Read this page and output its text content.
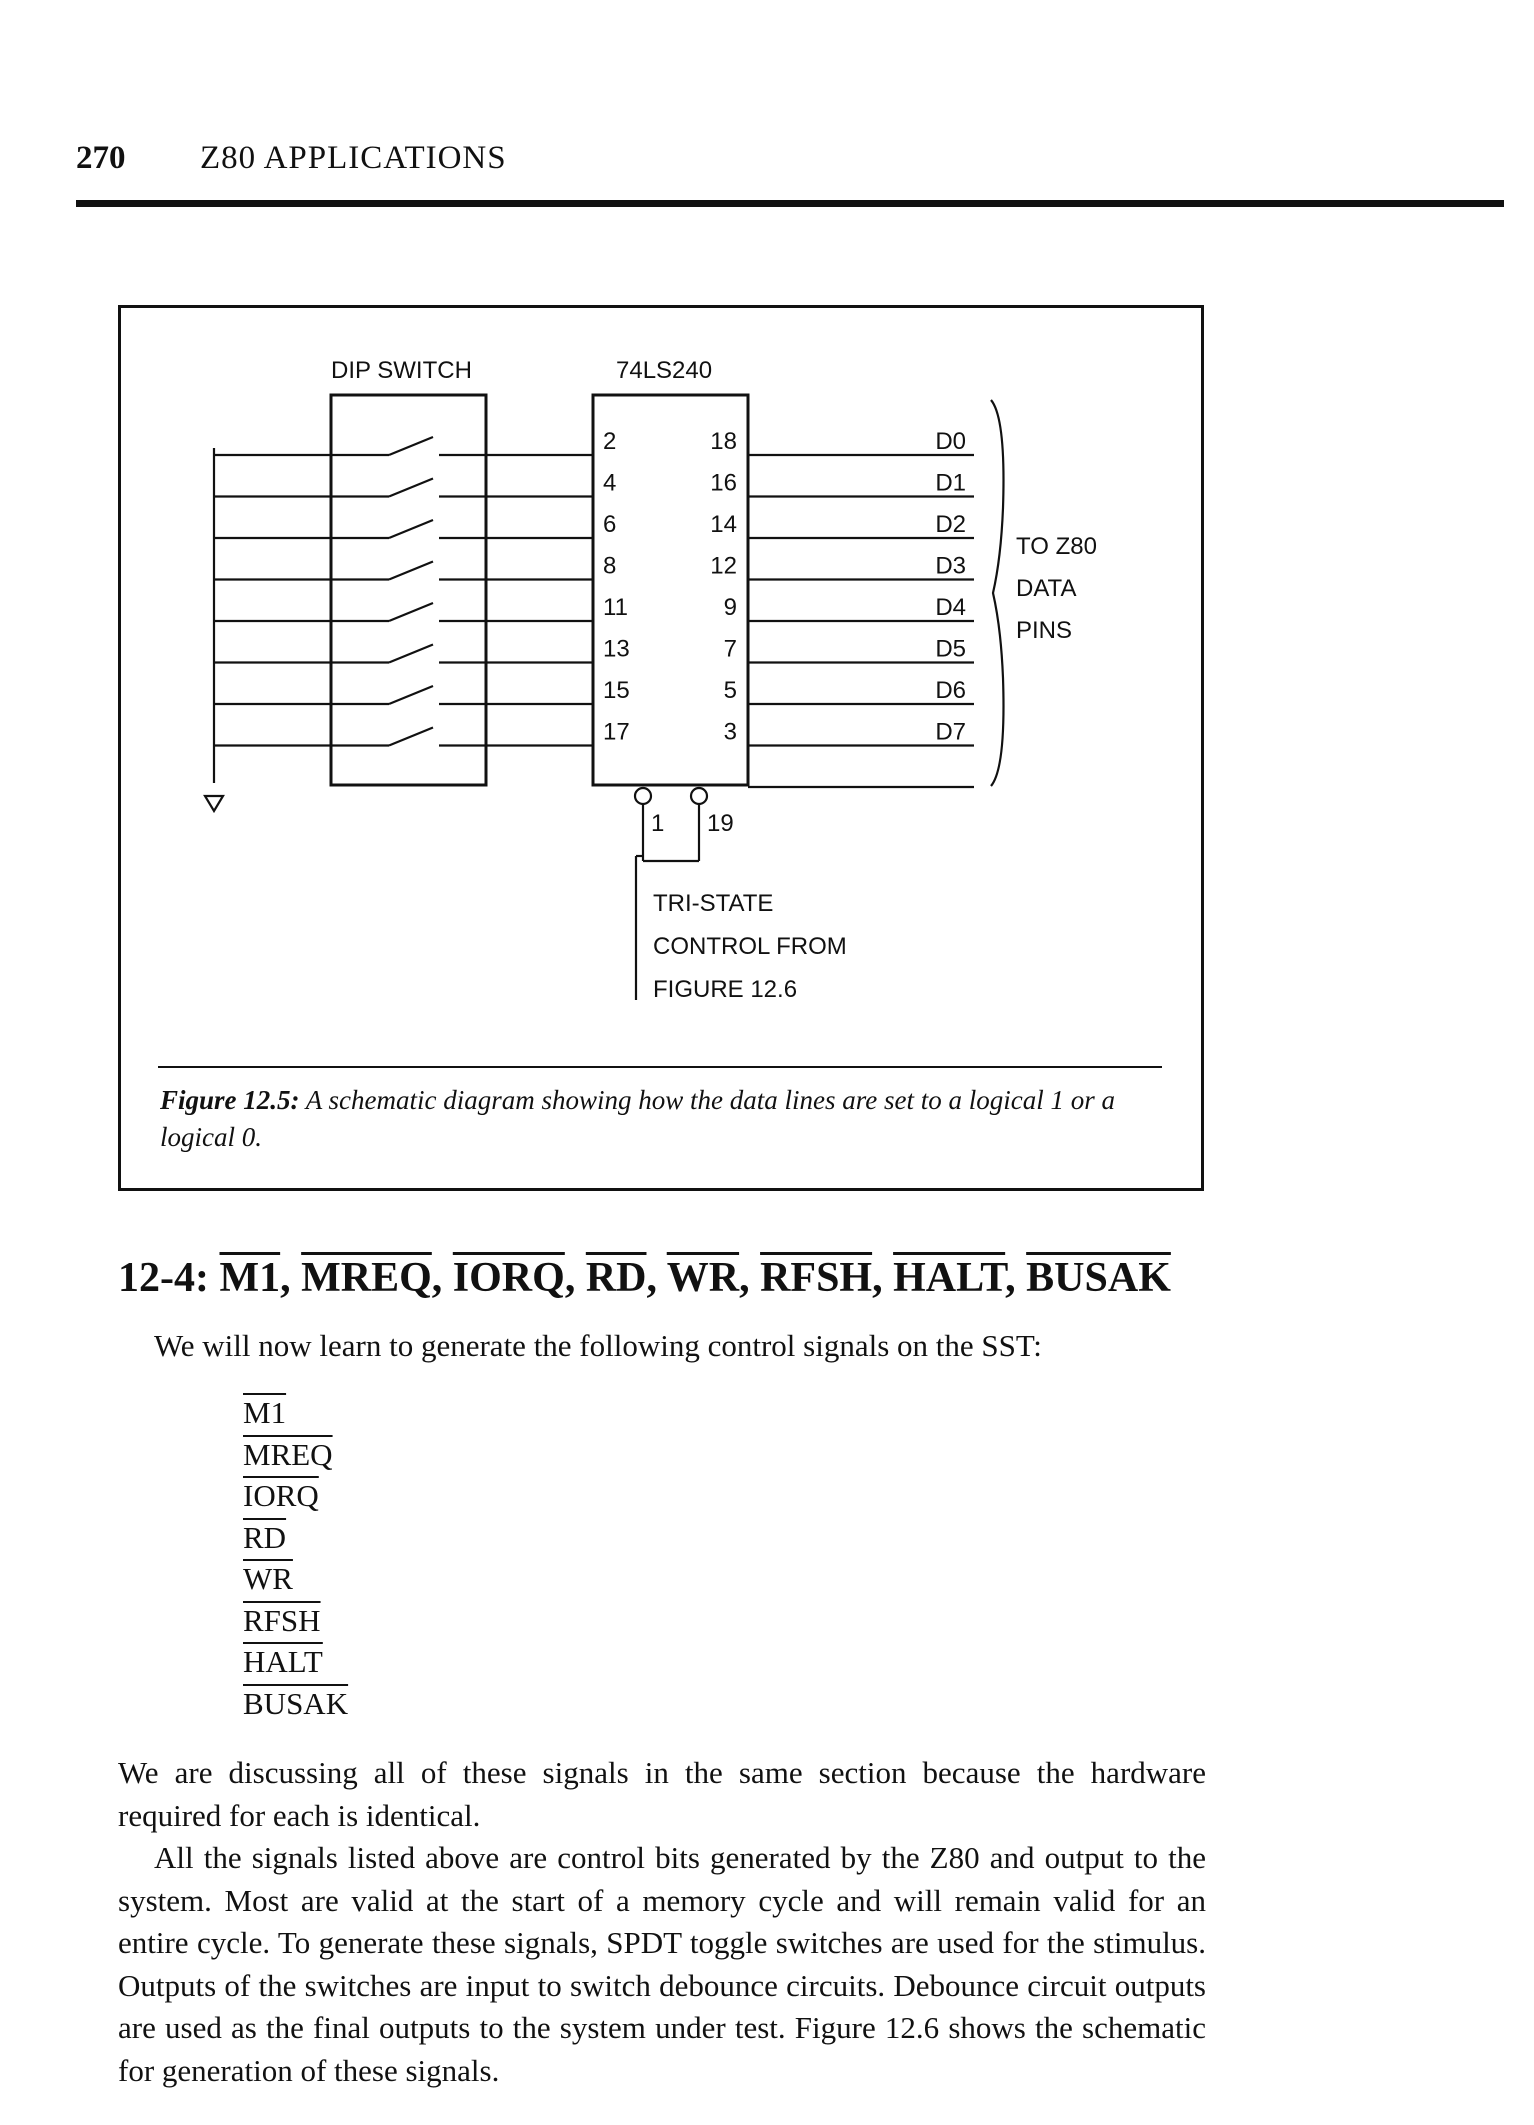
270 Z80 APPLICATIONS
DIP SWITCH	74LS240
2	18	D0
4	16	D1
6	14	D2
8	12	D3
11	9	D4
13	7	D5
15	5	D6
17	3	D7
TO Z80
DATA
PINS
1 19
TRI-STATE
CONTROL FROM
FIGURE 12.6
Figure 12.5: A schematic diagram showing how the data lines are set to a logical 1 or a logical 0.
12-4: M1, MREQ, IORQ, $\overline{RD}$, $\overline{WR}$, RFSH, HALT, BUSAK
We will now learn to generate the following control signals on the SST:
M1
MREQ
IORQ
$\overline{RD}$
$\overline{WR}$
RFSH
HALT
BUSAK

We are discussing all of these signals in the same section because the hardware required for each is identical.

All the signals listed above are control bits generated by the Z80 and output to the system. Most are valid at the start of a memory cycle and will remain valid for an entire cycle. To generate these signals, SPDT toggle switches are used for the stimulus. Outputs of the switches are input to switch debounce circuits. Debounce circuit outputs are used as the final outputs to the system under test. Figure 12.6 shows the schematic for generation of these signals.
